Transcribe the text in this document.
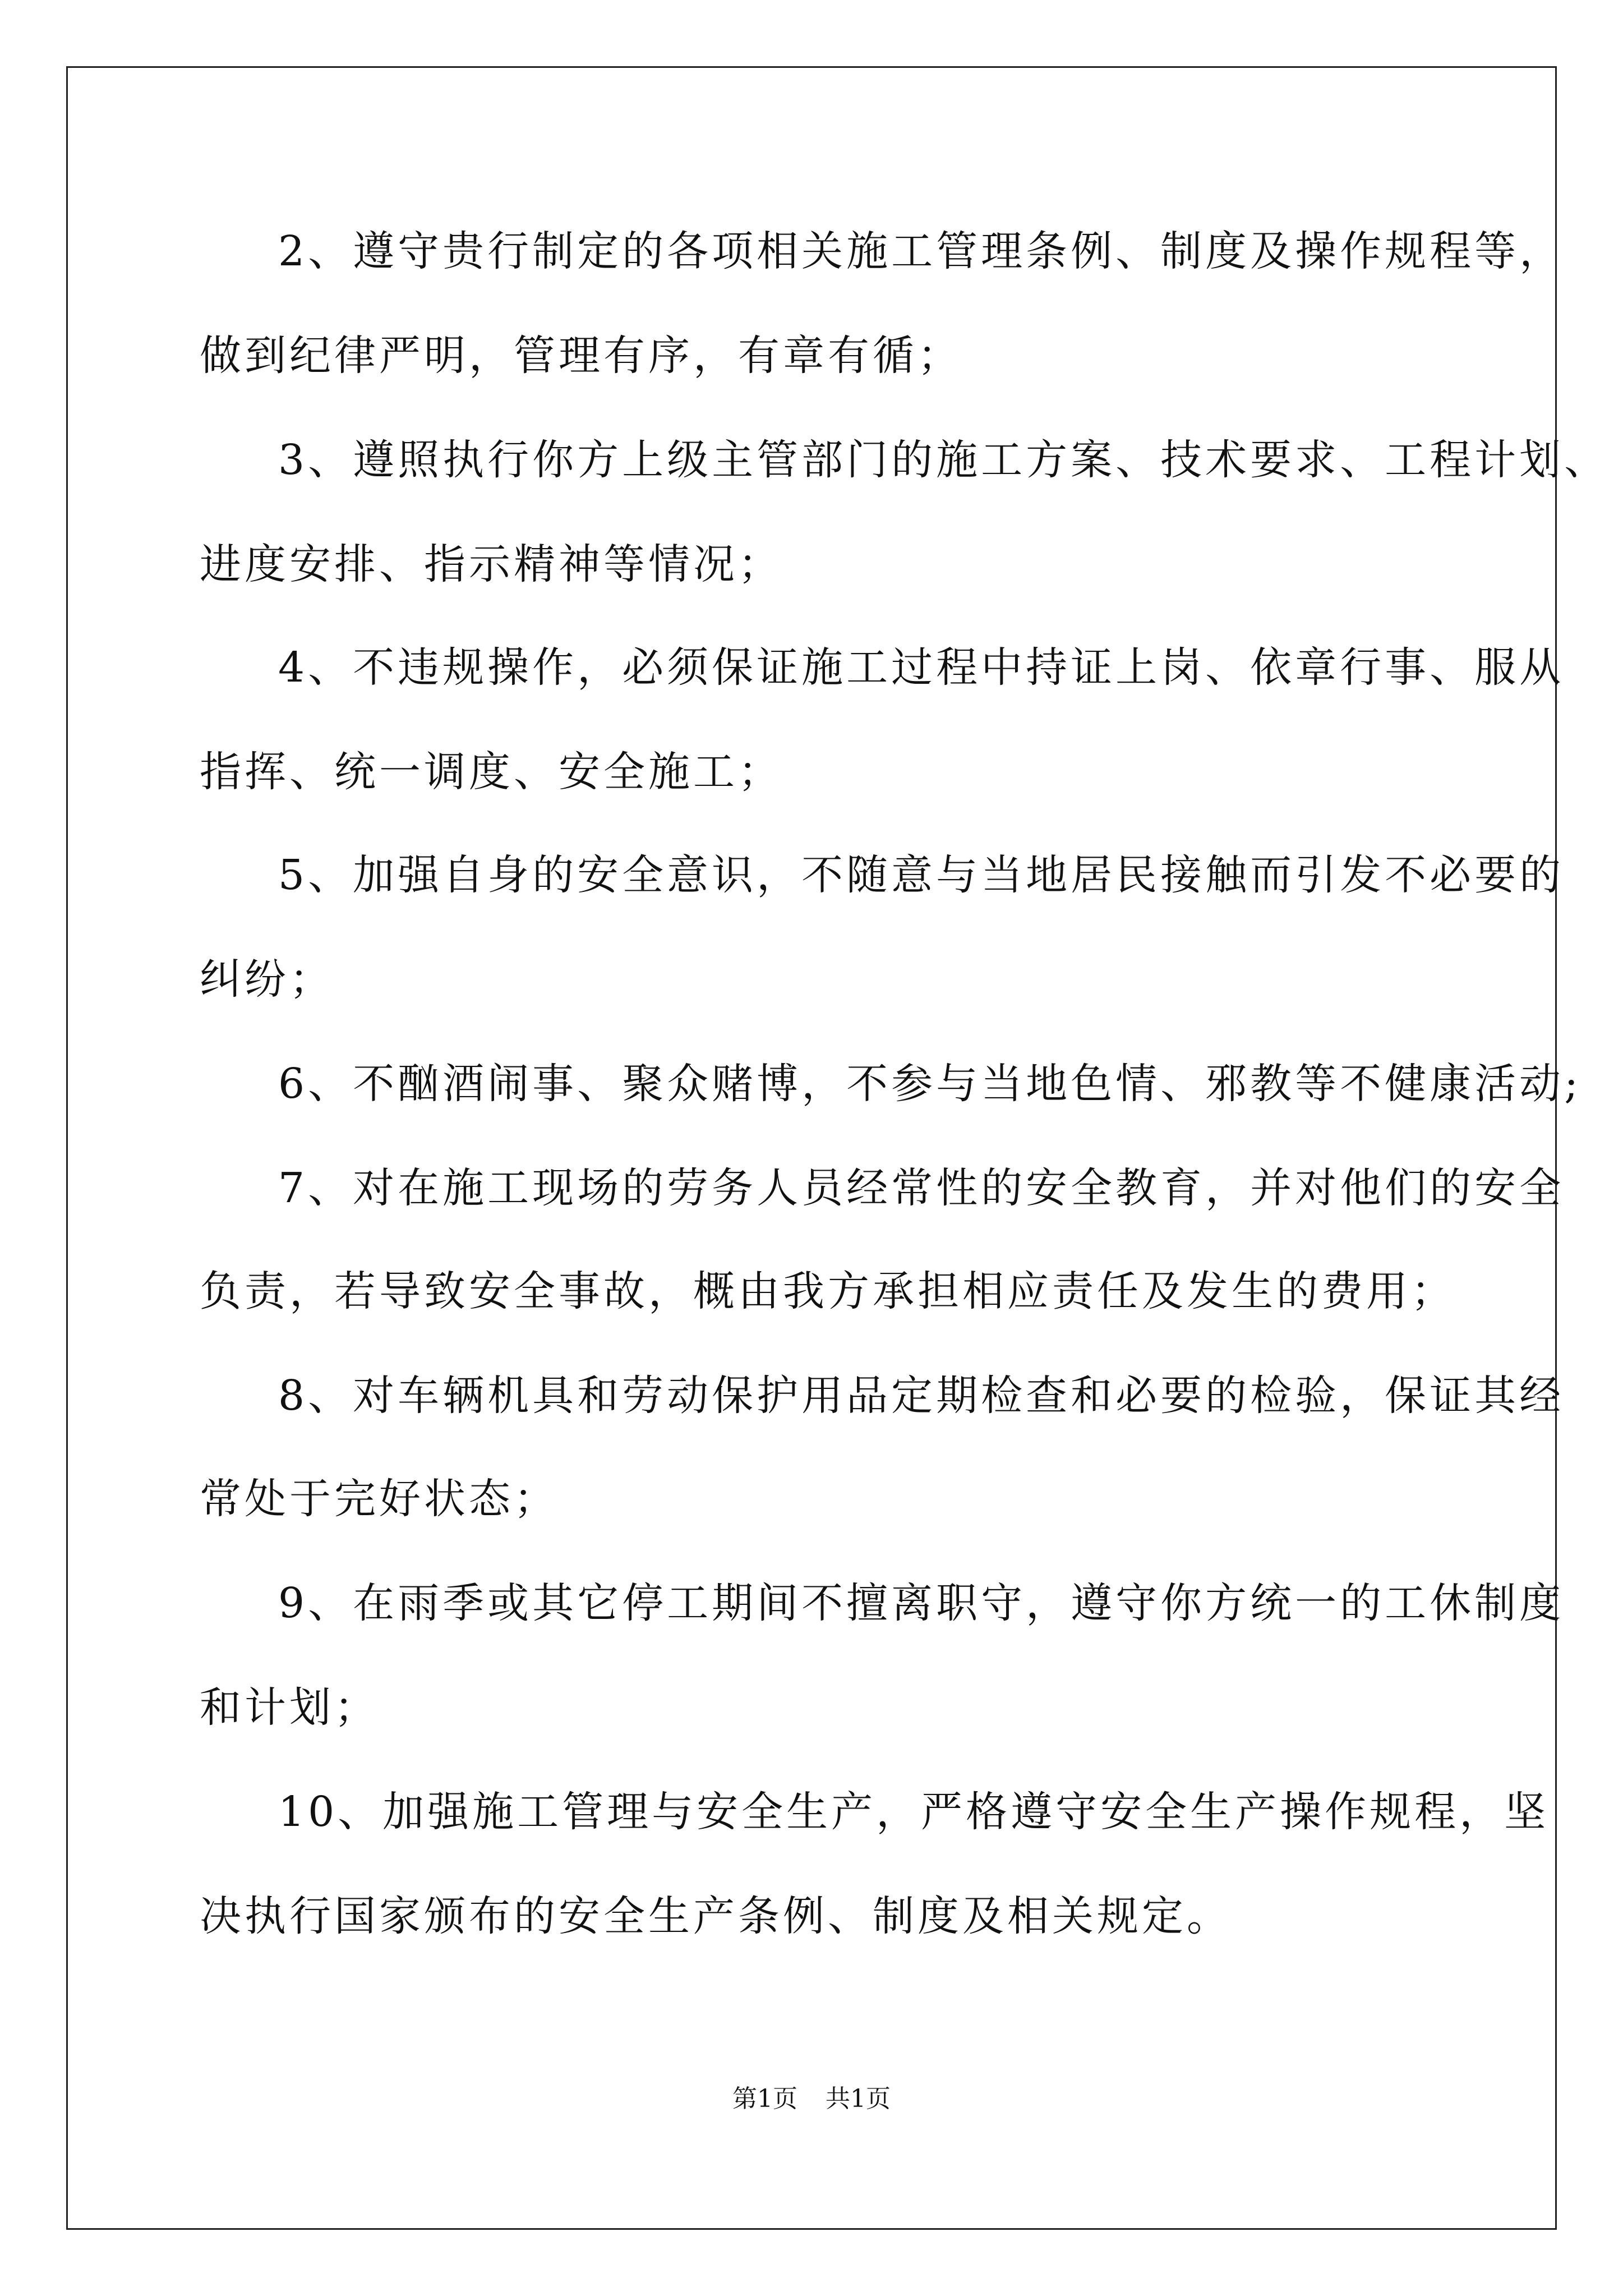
2、遵守贵行制定的各项相关施工管理条例、制度及操作规程等，
做到纪律严明，管理有序，有章有循；
3、遵照执行你方上级主管部门的施工方案、技术要求、工程计划、
进度安排、指示精神等情况；
4、不违规操作，必须保证施工过程中持证上岗、依章行事、服从
指挥、统一调度、安全施工；
5、加强自身的安全意识，不随意与当地居民接触而引发不必要的
纠纷；
6、不酗酒闹事、聚众赌博，不参与当地色情、邪教等不健康活动;
7、对在施工现场的劳务人员经常性的安全教育，并对他们的安全
负责，若导致安全事故，概由我方承担相应责任及发生的费用；
8、对车辆机具和劳动保护用品定期检查和必要的检验，保证其经
常处于完好状态；
9、在雨季或其它停工期间不擅离职守，遵守你方统一的工休制度
和计划；
10、加强施工管理与安全生产，严格遵守安全生产操作规程，坚
决执行国家颁布的安全生产条例、制度及相关规定。
第1页 共1页
